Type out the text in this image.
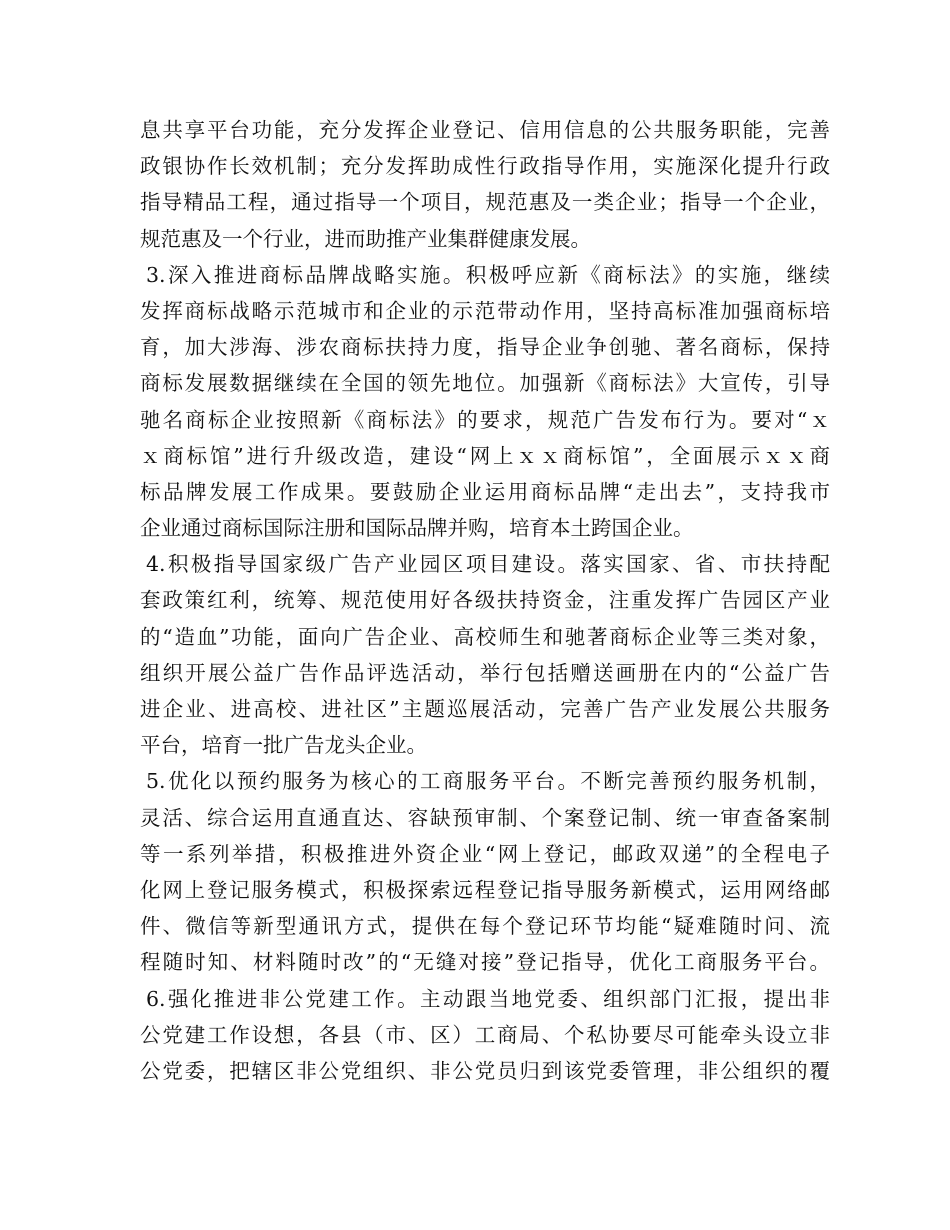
息共享平台功能，充分发挥企业登记、信用信息的公共服务职能，完善
政银协作长效机制；充分发挥助成性行政指导作用，实施深化提升行政
指导精品工程，通过指导一个项目，规范惠及一类企业；指导一个企业，
规范惠及一个行业，进而助推产业集群健康发展。
3.深入推进商标品牌战略实施。积极呼应新《商标法》的实施，继续
发挥商标战略示范城市和企业的示范带动作用，坚持高标准加强商标培
育，加大涉海、涉农商标扶持力度，指导企业争创驰、著名商标，保持
商标发展数据继续在全国的领先地位。加强新《商标法》大宣传，引导
驰名商标企业按照新《商标法》的要求，规范广告发布行为。要对“ｘ
ｘ商标馆”进行升级改造，建设“网上ｘｘ商标馆”，全面展示ｘｘ商
标品牌发展工作成果。要鼓励企业运用商标品牌“走出去”，支持我市
企业通过商标国际注册和国际品牌并购，培育本土跨国企业。
4.积极指导国家级广告产业园区项目建设。落实国家、省、市扶持配
套政策红利，统筹、规范使用好各级扶持资金，注重发挥广告园区产业
的“造血”功能，面向广告企业、高校师生和驰著商标企业等三类对象，
组织开展公益广告作品评选活动，举行包括赠送画册在内的“公益广告
进企业、进高校、进社区”主题巡展活动，完善广告产业发展公共服务
平台，培育一批广告龙头企业。
5.优化以预约服务为核心的工商服务平台。不断完善预约服务机制，
灵活、综合运用直通直达、容缺预审制、个案登记制、统一审查备案制
等一系列举措，积极推进外资企业“网上登记，邮政双递”的全程电子
化网上登记服务模式，积极探索远程登记指导服务新模式，运用网络邮
件、微信等新型通讯方式，提供在每个登记环节均能“疑难随时问、流
程随时知、材料随时改”的“无缝对接”登记指导，优化工商服务平台。
6.强化推进非公党建工作。主动跟当地党委、组织部门汇报，提出非
公党建工作设想，各县（市、区）工商局、个私协要尽可能牵头设立非
公党委，把辖区非公党组织、非公党员归到该党委管理，非公组织的覆
